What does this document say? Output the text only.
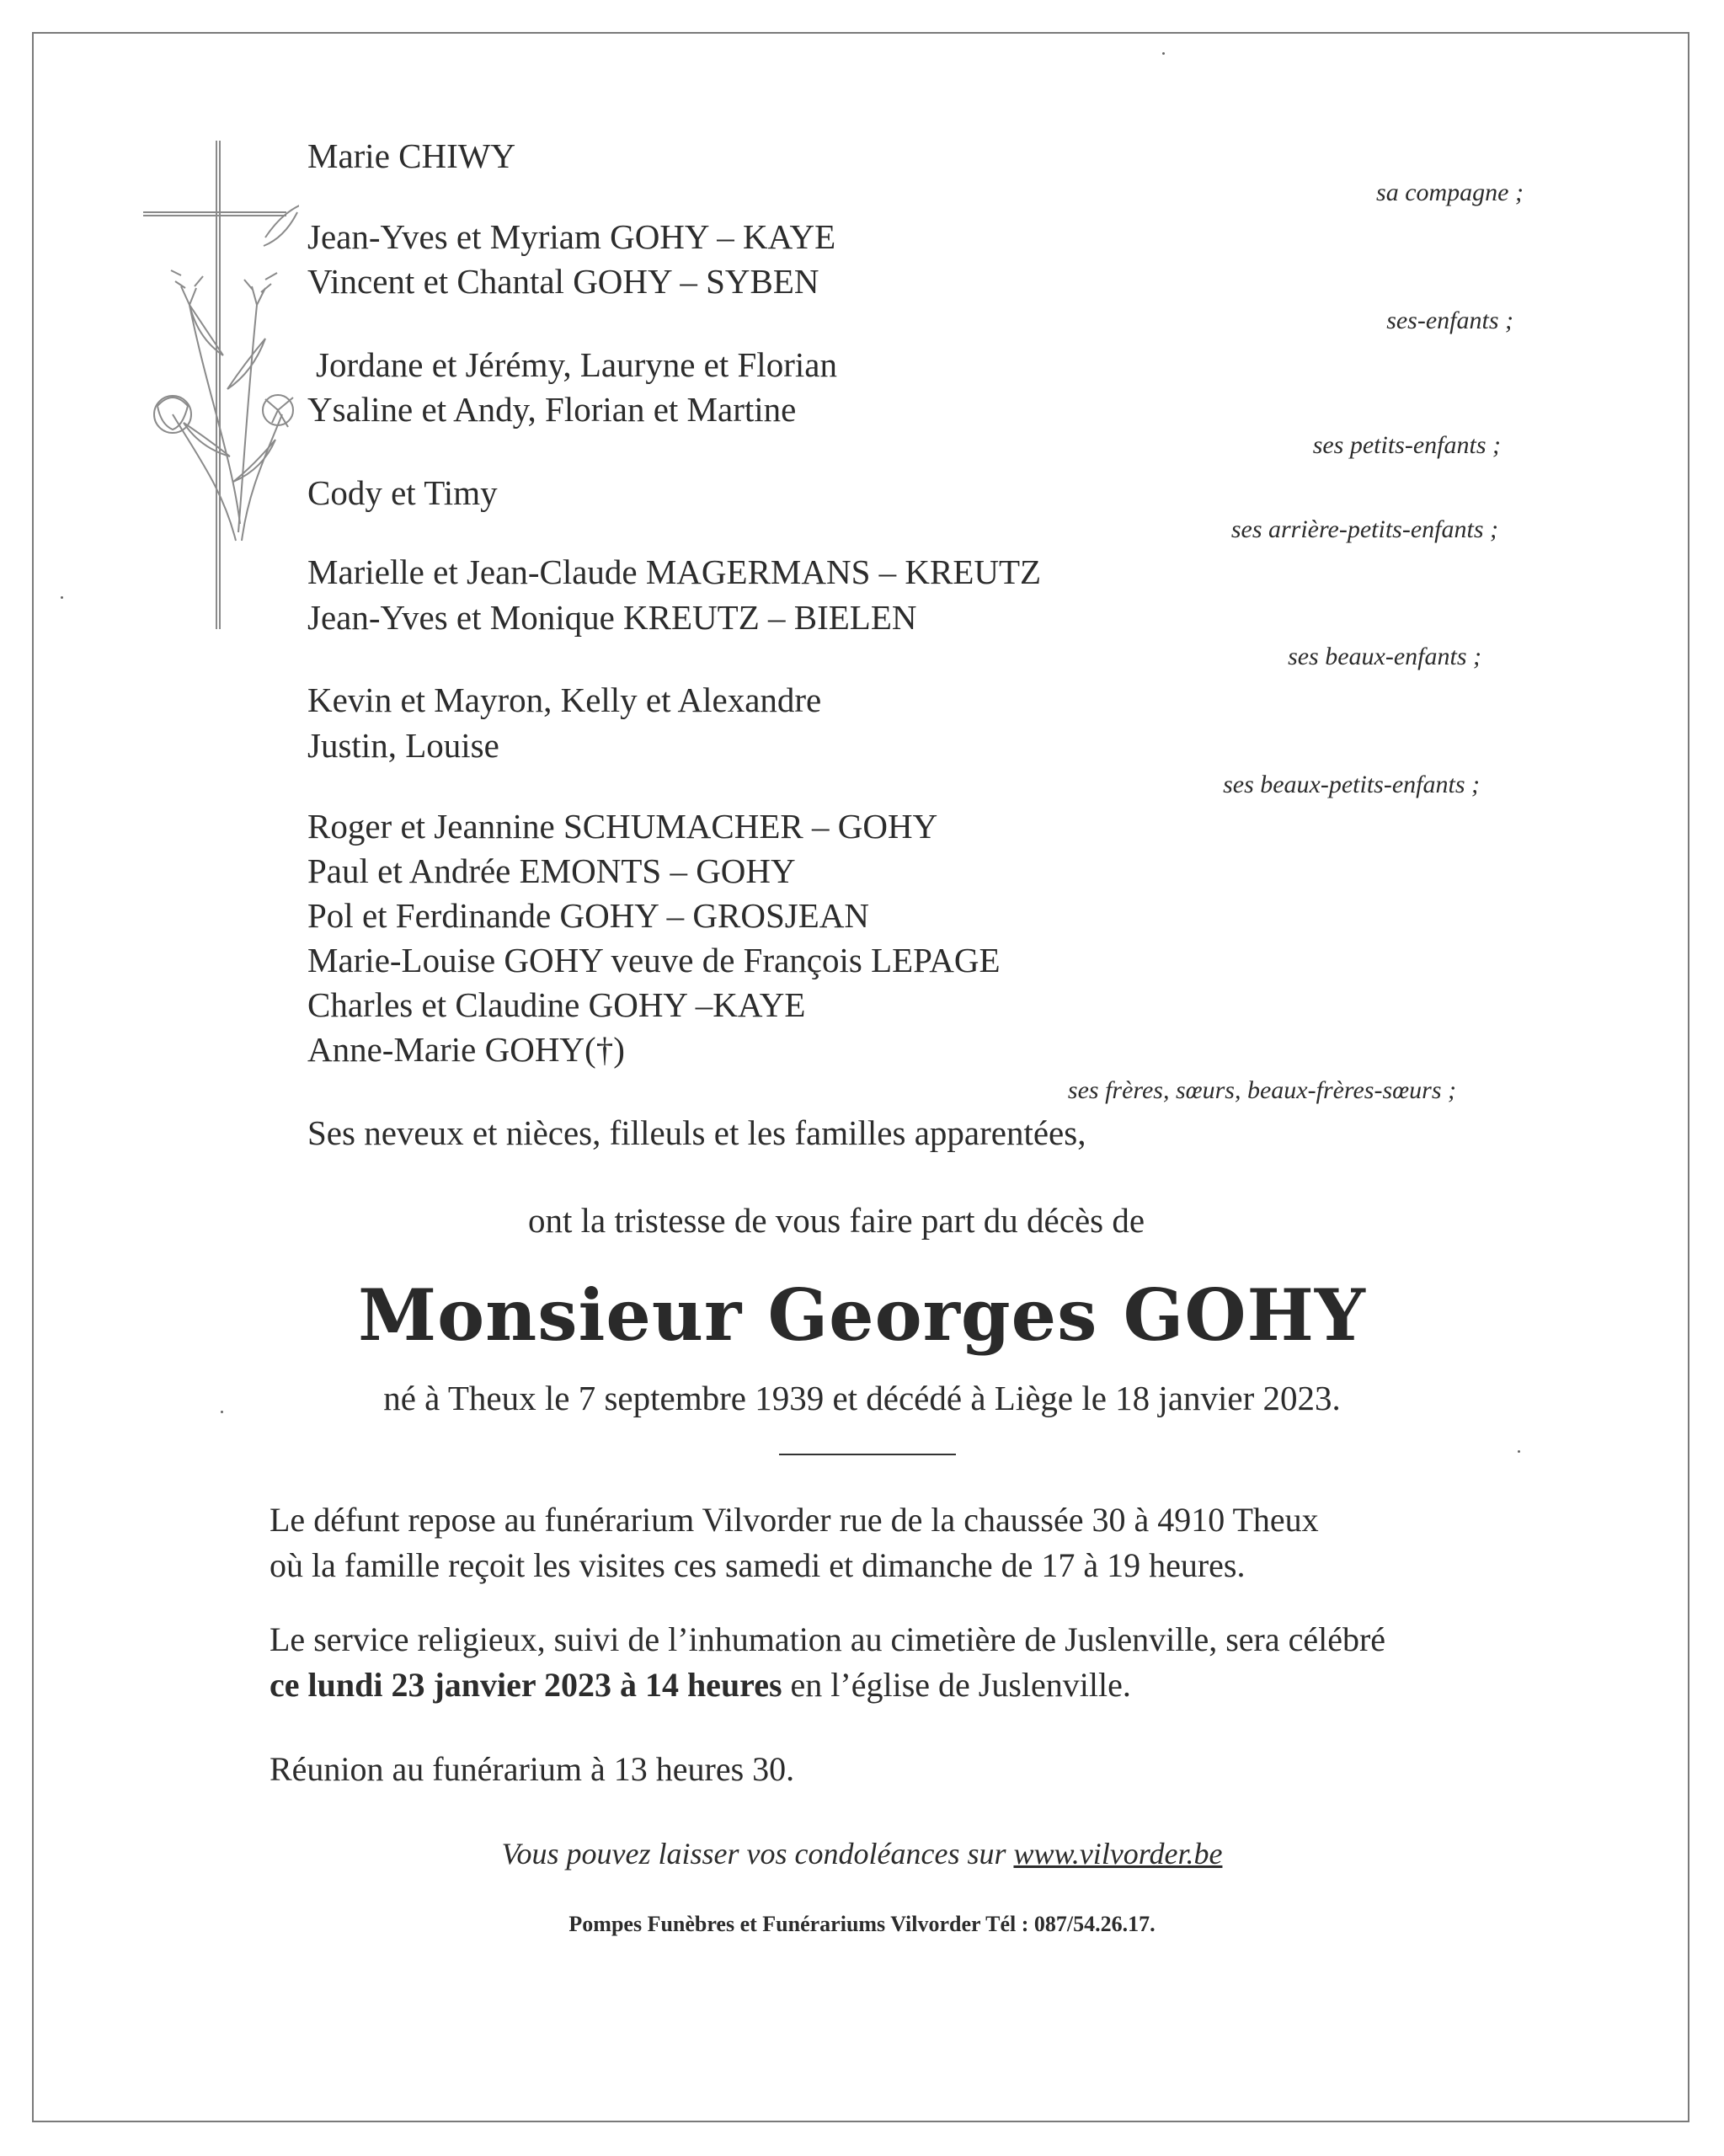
Marie CHIWY
sa compagne ;
Jean-Yves et Myriam GOHY – KAYE
Vincent et Chantal GOHY – SYBEN
ses-enfants ;
Jordane et Jérémy, Lauryne et Florian
Ysaline et Andy, Florian et Martine
ses petits-enfants ;
Cody et Timy
ses arrière-petits-enfants ;
Marielle et Jean-Claude MAGERMANS – KREUTZ
Jean-Yves et Monique KREUTZ – BIELEN
ses beaux-enfants ;
Kevin et Mayron, Kelly et Alexandre
Justin, Louise
ses beaux-petits-enfants ;
Roger et Jeannine SCHUMACHER – GOHY
Paul et Andrée EMONTS – GOHY
Pol et Ferdinande GOHY – GROSJEAN
Marie-Louise GOHY veuve de François LEPAGE
Charles et Claudine GOHY –KAYE
Anne-Marie GOHY(†)
ses frères, sœurs, beaux-frères-sœurs ;
Ses neveux et nièces, filleuls et les familles apparentées,
ont la tristesse de vous faire part du décès de
Monsieur Georges GOHY
né à Theux le 7 septembre 1939 et décédé à Liège le 18 janvier 2023.
Le défunt repose au funérarium Vilvorder rue de la chaussée 30 à 4910 Theux
où la famille reçoit les visites ces samedi et dimanche de 17 à 19 heures.
Le service religieux, suivi de l’inhumation au cimetière de Juslenville, sera célébré
ce lundi 23 janvier 2023 à 14 heures en l’église de Juslenville.
Réunion au funérarium à 13 heures 30.
Vous pouvez laisser vos condoléances sur www.vilvorder.be
Pompes Funèbres et Funérariums Vilvorder Tél : 087/54.26.17.
